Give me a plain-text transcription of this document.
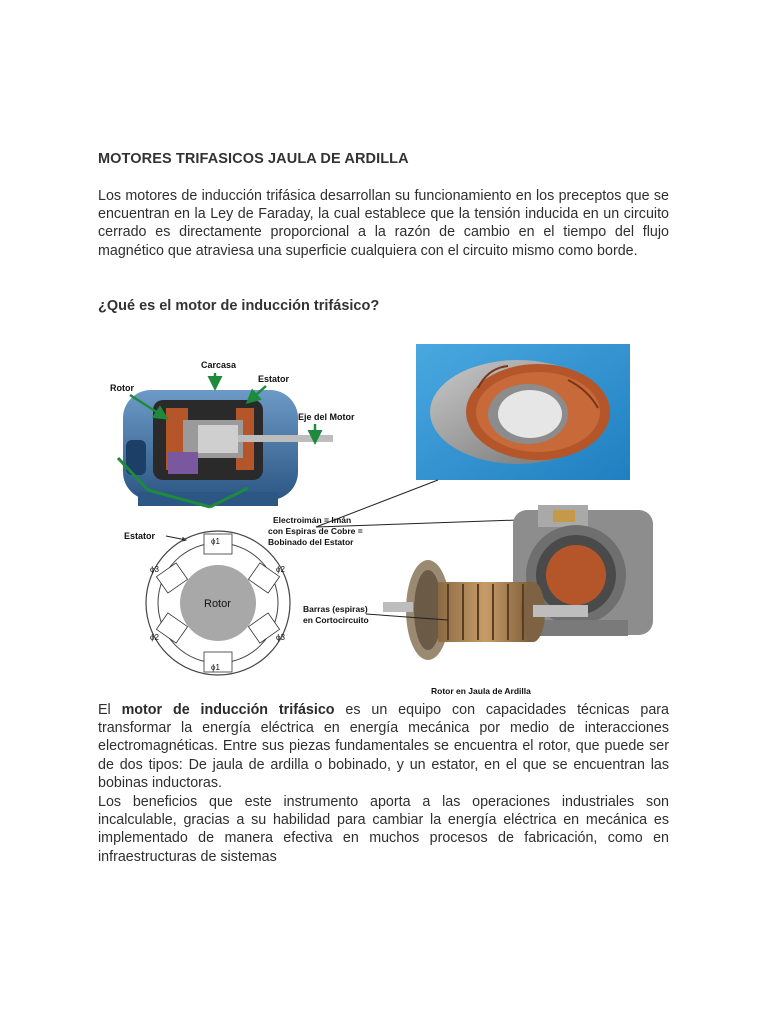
MOTORES TRIFASICOS JAULA DE ARDILLA
Los motores de inducción trifásica desarrollan su funcionamiento en los preceptos que se encuentran en la Ley de Faraday, la cual establece que la tensión inducida en un circuito cerrado es directamente proporcional a la razón de cambio en el tiempo del flujo magnético que atraviesa una superficie cualquiera con el circuito mismo como borde.
¿Qué es el motor de inducción trifásico?
Carcasa
Estator
Rotor
Eje del Motor
Estator
Rotor
ϕ1
ϕ1
ϕ3
ϕ2
ϕ2
ϕ3
Electroimán = Imán
con Espiras de Cobre =
Bobinado del Estator
Barras (espiras)
en Cortocircuito
Rotor en Jaula de Ardilla
El motor de inducción trifásico es un equipo con capacidades técnicas para transformar la energía eléctrica en energía mecánica por medio de interacciones electromagnéticas. Entre sus piezas fundamentales se encuentra el rotor, que puede ser de dos tipos: De jaula de ardilla o bobinado, y un estator, en el que se encuentran las bobinas inductoras.
Los beneficios que este instrumento aporta a las operaciones industriales son incalculable, gracias a su habilidad para cambiar la energía eléctrica en mecánica es implementado de manera efectiva en muchos procesos de fabricación, como en infraestructuras de sistemas
